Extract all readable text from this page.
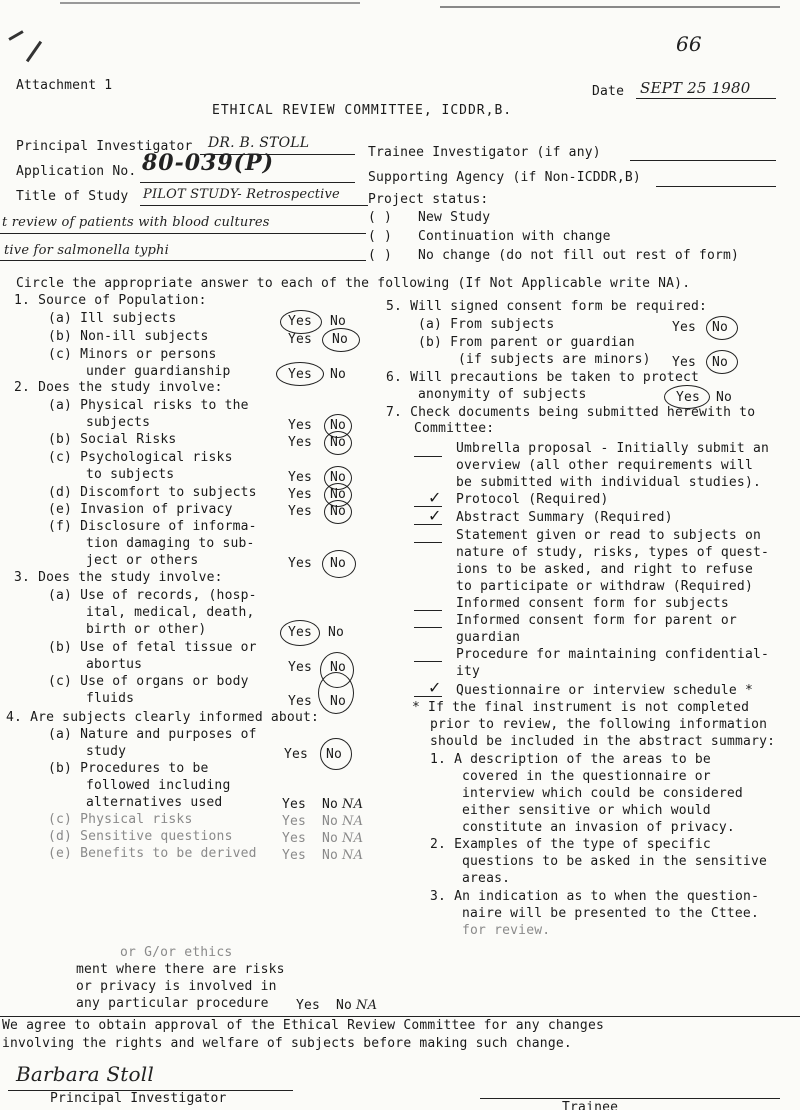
66
Attachment 1	Date SEPT 25 1980
ETHICAL REVIEW COMMITTEE, ICDDR,B.
Principal Investigator DR. B. STOLL
Trainee Investigator (if any)
Application No. 80-039(P)
Supporting Agency (if Non-ICDDR,B)
Title of Study PILOT STUDY- Retrospective
t review of patients with blood cultures
tive for salmonella typhi
Project status:
( ) New Study
( ) Continuation with change
( ) No change (do not fill out rest of form)
Circle the appropriate answer to each of the following (If Not Applicable write NA).
1. Source of Population:
(a) Ill subjects	Yes No
(b) Non-ill subjects	Yes No
(c) Minors or persons
under guardianship	Yes No
2. Does the study involve:
(a) Physical risks to the
subjects	Yes No
(b) Social Risks	Yes No
(c) Psychological risks
to subjects	Yes No
(d) Discomfort to subjects Yes No
(e) Invasion of privacy	Yes No
(f) Disclosure of informa-
tion damaging to sub-
ject or others	Yes No
3. Does the study involve:
(a) Use of records, (hosp-
ital, medical, death,
birth or other)	Yes No
(b) Use of fetal tissue or
abortus	Yes No
(c) Use of organs or body
fluids	Yes No
4. Are subjects clearly informed about:
(a) Nature and purposes of
study	Yes No
(b) Procedures to be
followed including
alternatives used	Yes No NA
(c) Physical risks	Yes No NA
(d) Sensitive questions	Yes No NA
(e) Benefits to be derived Yes No NA
or G/or ethics
ment where there are risks
or privacy is involved in
any particular procedure Yes No NA
5. Will signed consent form be required:
(a) From subjects	Yes No
(b) From parent or guardian
(if subjects are minors) Yes No
6. Will precautions be taken to protect
anonymity of subjects	Yes No
7. Check documents being submitted herewith to
Committee:
Umbrella proposal - Initially submit an
overview (all other requirements will
be submitted with individual studies).
✓ Protocol (Required)
✓ Abstract Summary (Required)
Statement given or read to subjects on
nature of study, risks, types of quest-
ions to be asked, and right to refuse
to participate or withdraw (Required)
Informed consent form for subjects
Informed consent form for parent or
guardian
Procedure for maintaining confidential-
ity
✓ Questionnaire or interview schedule *
* If the final instrument is not completed
prior to review, the following information
should be included in the abstract summary:
1. A description of the areas to be
covered in the questionnaire or
interview which could be considered
either sensitive or which would
constitute an invasion of privacy.
2. Examples of the type of specific
questions to be asked in the sensitive
areas.
3. An indication as to when the question-
naire will be presented to the Cttee.
for review.
We agree to obtain approval of the Ethical Review Committee for any changes
involving the rights and welfare of subjects before making such change.
Barbara Stoll
Principal Investigator
Trainee
